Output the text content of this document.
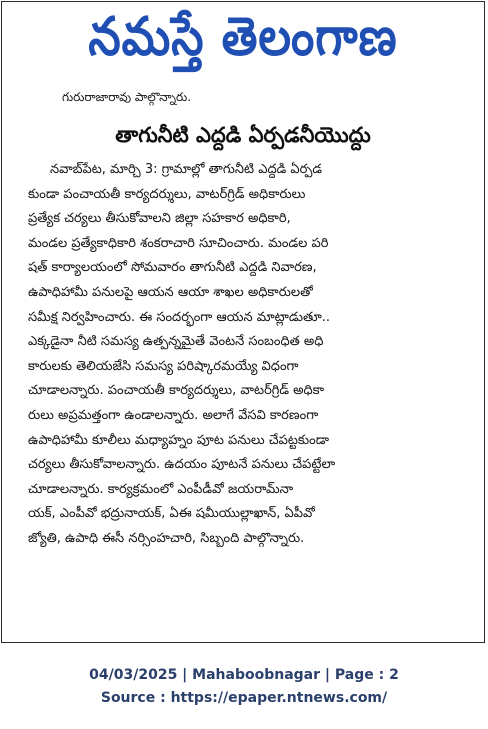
నమస్తే తెలంగాణ
గురురాజారావు పాల్గొన్నారు.
తాగునీటి ఎద్దడి ఏర్పడనీయొద్దు
నవాబ్‌పేట, మార్చి 3: గ్రామాల్లో తాగునీటి ఎద్దడి ఏర్పడ
కుండా పంచాయతీ కార్యదర్శులు, వాటర్‌గ్రిడ్ అధికారులు
ప్రత్యేక చర్యలు తీసుకోవాలని జిల్లా సహకార అధికారి,
మండల ప్రత్యేకాధికారి శంకరాచారి సూచించారు. మండల పరి
షత్ కార్యాలయంలో సోమవారం తాగునీటి ఎద్దడి నివారణ,
ఉపాధిహామీ పనులపై ఆయన ఆయా శాఖల అధికారులతో
సమీక్ష నిర్వహించారు. ఈ సందర్భంగా ఆయన మాట్లాడుతూ..
ఎక్కడైనా నీటి సమస్య ఉత్పన్నమైతే వెంటనే సంబంధిత అధి
కారులకు తెలియజేసి సమస్య పరిష్కారమయ్యే విధంగా
చూడాలన్నారు. పంచాయతీ కార్యదర్శులు, వాటర్‌గ్రిడ్ అధికా
రులు అప్రమత్తంగా ఉండాలన్నారు. అలాగే వేసవి కారణంగా
ఉపాధిహామీ కూలీలు మధ్యాహ్నం పూట పనులు చేపట్టకుండా
చర్యలు తీసుకోవాలన్నారు. ఉదయం పూటనే పనులు చేపట్టేలా
చూడాలన్నారు. కార్యక్రమంలో ఎంపీడీవో జయరామ్‌నా
యక్, ఎంపీవో భద్రునాయక్, ఏఈ షమీయుల్లాఖాన్, ఏపీవో
జ్యోతి, ఉపాధి ఈసీ నర్సింహచారి, సిబ్బంది పాల్గొన్నారు.
04/03/2025 | Mahaboobnagar | Page : 2
Source : https://epaper.ntnews.com/
